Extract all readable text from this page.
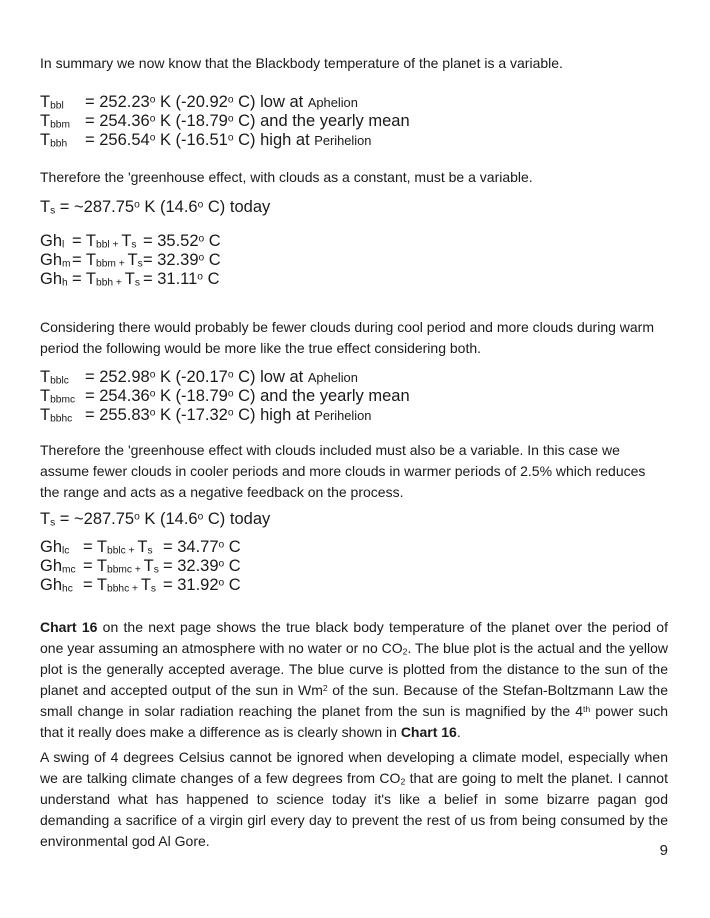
In summary we now know that the Blackbody temperature of the planet is a variable.

$T_{bbl}$	= $252.23^o$ K (-20.92$^o$ C) low at Aphelion
$T_{bbm} = 254.36^o$ K (-18.79$^o$ C) and the yearly mean
$T_{bbh}$	= $256.54^o$ K (-16.51$^o$ C) high at Perihelion

Therefore the 'greenhouse effect, with clouds as a constant, must be a variable.

$T_s$ = $\sim 287.75^o$ K (14.6$^o$ C) today
$Gh_l = T_{bbl +}$ $T_s = 35.52^o$ C
$Gh_m = T_{bbm +}$ $T_s = 32.39^o$ C
$Gh_h = T_{bbh +}$ $T_s = 31.11^o$ C

Considering there would probably be fewer clouds during cool period and more clouds during warm period the following would be more like the true effect considering both.

$T_{bblc} = 252.98^o$ K (-20.17$^o$ C) low at Aphelion
$T_{bbmc} = 254.36^o$ K (-18.79$^o$ C) and the yearly mean
$T_{bbhc} = 255.83^o$ K (-17.32$^o$ C) high at Perihelion

Therefore the 'greenhouse effect with clouds included must also be a variable. In this case we assume fewer clouds in cooler periods and more clouds in warmer periods of 2.5% which reduces the range and acts as a negative feedback on the process.

$T_s$ = $\sim 287.75^o$ K (14.6$^o$ C) today
$Gh_{lc} = T_{bblc +}$ $T_s = 34.77^o$ C
$Gh_{mc} = T_{bbmc +}$ $T_s = 32.39^o$ C
$Gh_{hc} = T_{bbhc +}$ $T_s = 31.92^o$ C

Chart 16 on the next page shows the true black body temperature of the planet over the period of one year assuming an atmosphere with no water or no $CO_2$. The blue plot is the actual and the yellow plot is the generally accepted average. The blue curve is plotted from the distance to the sun of the planet and accepted output of the sun in Wm$^2$ of the sun. Because of the Stefan-Boltzmann Law the small change in solar radiation reaching the planet from the sun is magnified by the 4th power such that it really does make a difference as is clearly shown in Chart 16.

A swing of 4 degrees Celsius cannot be ignored when developing a climate model, especially when we are talking climate changes of a few degrees from $CO_2$ that are going to melt the planet. I cannot understand what has happened to science today it's like a belief in some bizarre pagan god demanding a sacrifice of a virgin girl every day to prevent the rest of us from being consumed by the environmental god Al Gore.

9
